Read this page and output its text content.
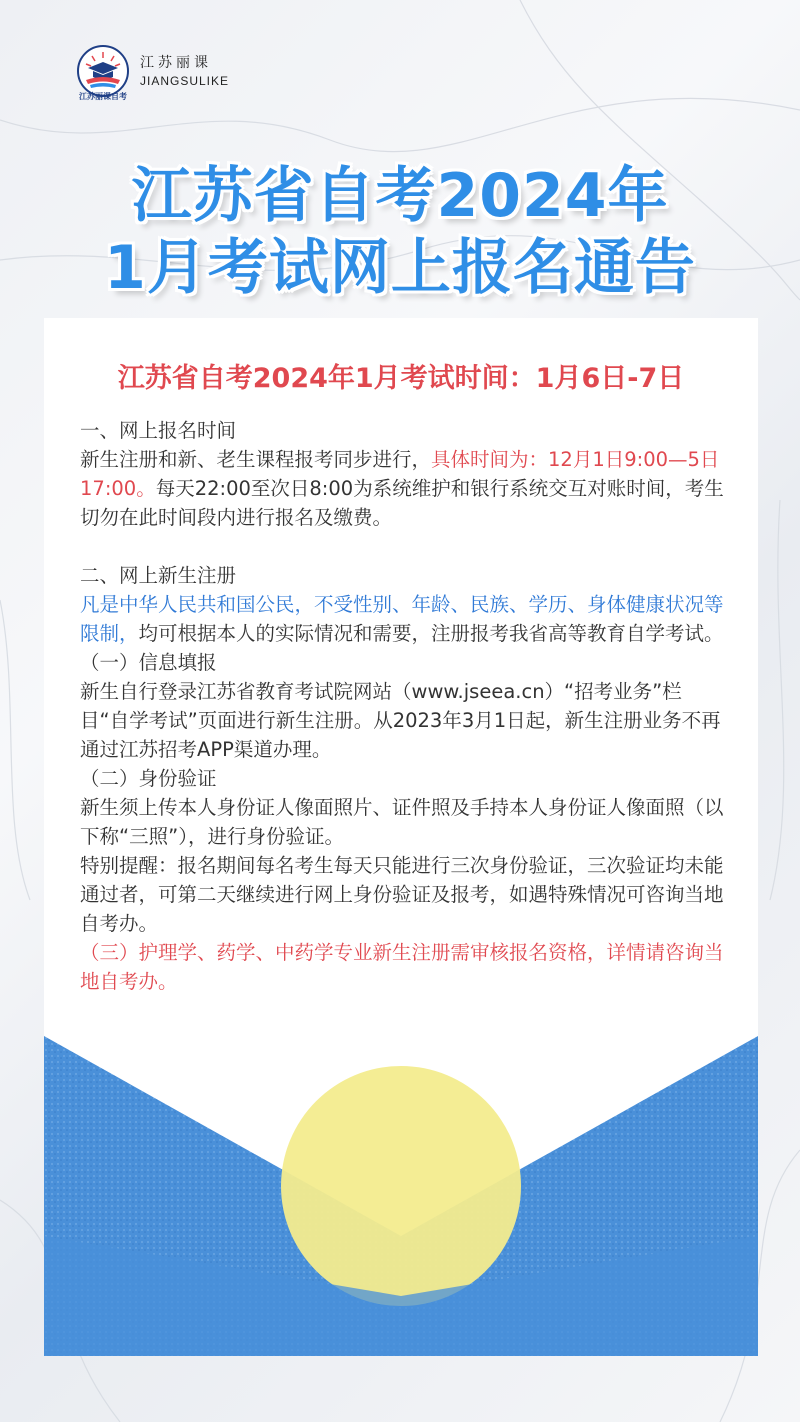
江苏丽课自考
江苏丽课
JIANGSULIKE
江苏省自考2024年
1月考试网上报名通告
江苏省自考2024年1月考试时间：1月6日-7日

一、网上报名时间

新生注册和新、老生课程报考同步进行，具体时间为：12月1日9:00—5日17:00。每天22:00至次日8:00为系统维护和银行系统交互对账时间，考生切勿在此时间段内进行报名及缴费。

二、网上新生注册

凡是中华人民共和国公民，不受性别、年龄、民族、学历、身体健康状况等限制，均可根据本人的实际情况和需要，注册报考我省高等教育自学考试。

（一）信息填报

新生自行登录江苏省教育考试院网站（www.jseea.cn）“招考业务”栏目“自学考试”页面进行新生注册。从2023年3月1日起，新生注册业务不再通过江苏招考APP渠道办理。

（二）身份验证

新生须上传本人身份证人像面照片、证件照及手持本人身份证人像面照（以下称“三照”），进行身份验证。

特别提醒：报名期间每名考生每天只能进行三次身份验证，三次验证均未能通过者，可第二天继续进行网上身份验证及报考，如遇特殊情况可咨询当地自考办。

（三）护理学、药学、中药学专业新生注册需审核报名资格，详情请咨询当地自考办。
